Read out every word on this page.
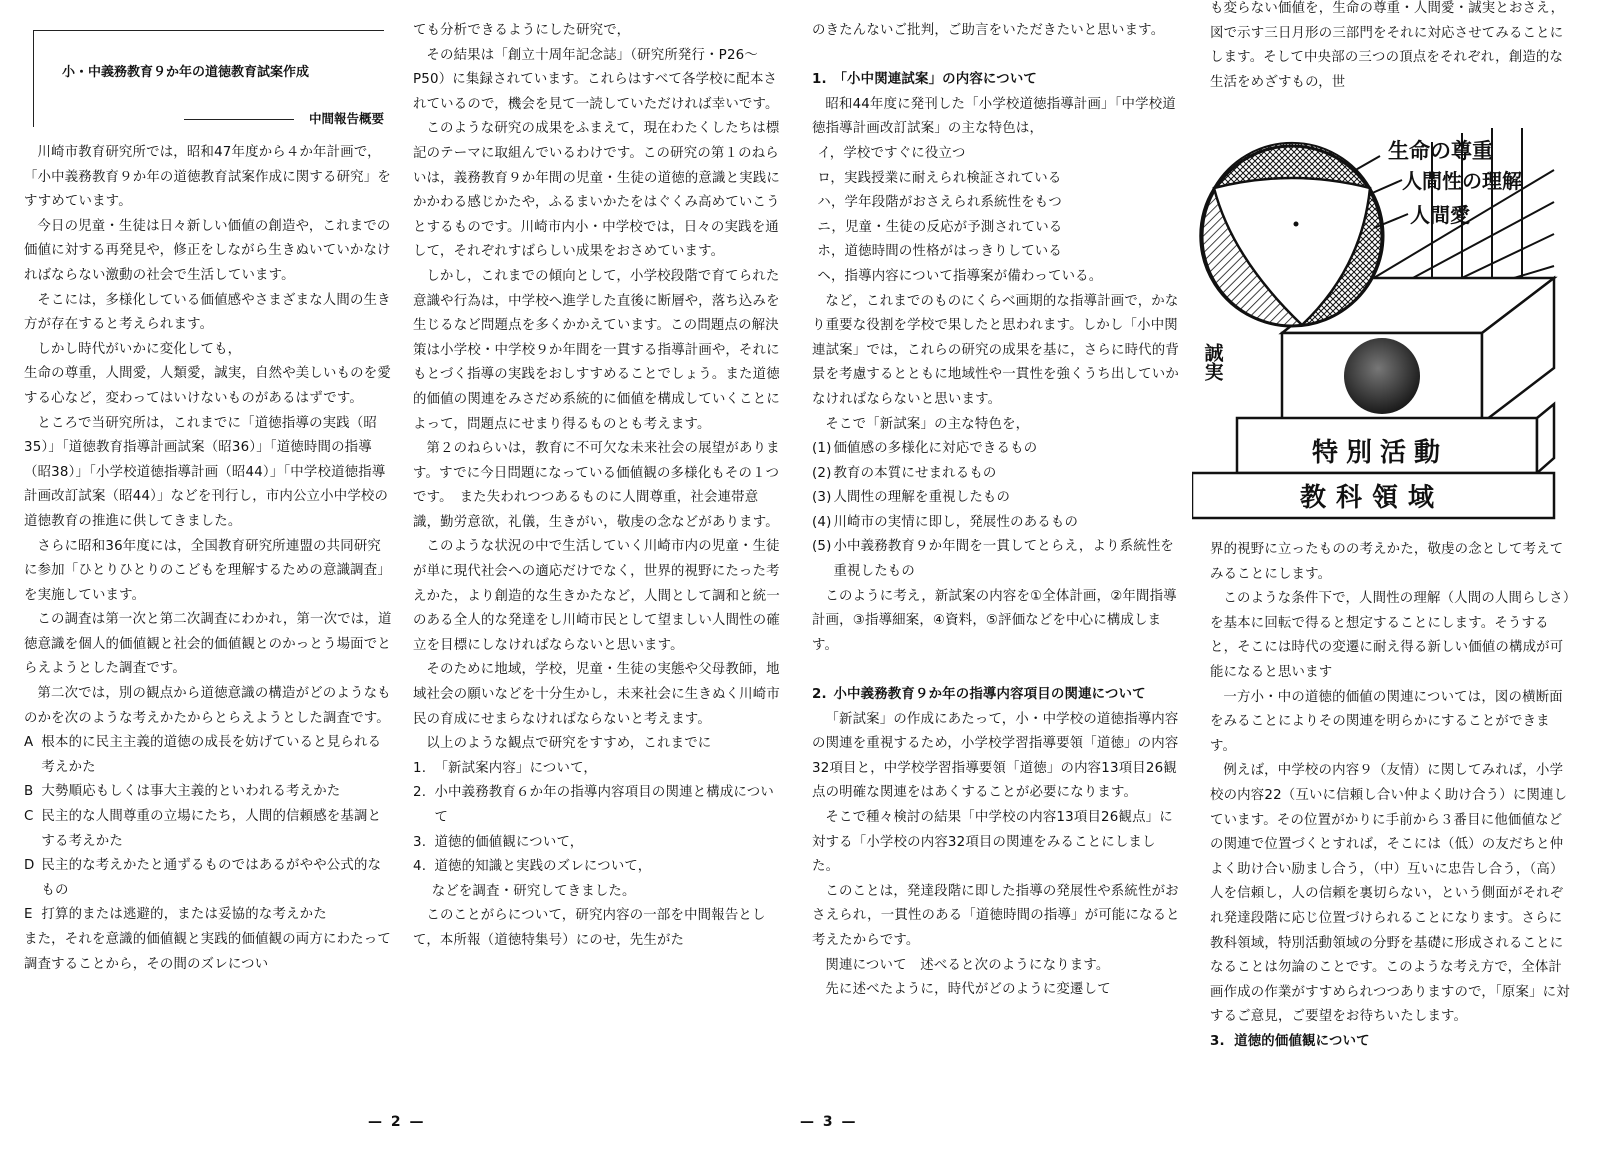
小・中義務教育９か年の道徳教育試案作成
中間報告概要

川崎市教育研究所では，昭和47年度から４か年計画で，「小中義務教育９か年の道徳教育試案作成に関する研究」をすすめています。

今日の児童・生徒は日々新しい価値の創造や，これまでの価値に対する再発見や，修正をしながら生きぬいていかなければならない激動の社会で生活しています。

そこには，多様化している価値感やさまざまな人間の生き方が存在すると考えられます。

しかし時代がいかに変化しても，

生命の尊重，人間愛，人類愛，誠実，自然や美しいものを愛する心など，変わってはいけないものがあるはずです。

ところで当研究所は，これまでに「道徳指導の実践（昭35）」「道徳教育指導計画試案（昭36）」「道徳時間の指導（昭38）」「小学校道徳指導計画（昭44）」「中学校道徳指導計画改訂試案（昭44）」などを刊行し，市内公立小中学校の道徳教育の推進に供してきました。

さらに昭和36年度には，全国教育研究所連盟の共同研究に参加「ひとりひとりのこどもを理解するための意識調査」を実施しています。

この調査は第一次と第二次調査にわかれ，第一次では，道徳意識を個人的価値観と社会的価値観とのかっとう場面でとらえようとした調査です。

第二次では，別の観点から道徳意識の構造がどのようなものかを次のような考えかたからとらえようとした調査です。

A 根本的に民主主義的道徳の成長を妨げていると見られる考えかた
B 大勢順応もしくは事大主義的といわれる考えかた
C 民主的な人間尊重の立場にたち，人間的信頼感を基調とする考えかた
D 民主的な考えかたと通ずるものではあるがやや公式的なもの
E 打算的または逃避的，または妥協的な考えかた

また，それを意識的価値観と実践的価値観の両方にわたって調査することから，その間のズレについ

ても分析できるようにした研究で，

その結果は「創立十周年記念誌」（研究所発行・P26～P50）に集録されています。これらはすべて各学校に配本されているので，機会を見て一読していただければ幸いです。

このような研究の成果をふまえて，現在わたくしたちは標記のテーマに取組んでいるわけです。この研究の第１のねらいは，義務教育９か年間の児童・生徒の道徳的意識と実践にかかわる感じかたや，ふるまいかたをはぐくみ高めていこうとするものです。川崎市内小・中学校では，日々の実践を通して，それぞれすばらしい成果をおさめています。

しかし，これまでの傾向として，小学校段階で育てられた意識や行為は，中学校へ進学した直後に断層や，落ち込みを生じるなど問題点を多くかかえています。この問題点の解決策は小学校・中学校９か年間を一貫する指導計画や，それにもとづく指導の実践をおしすすめることでしょう。また道徳的価値の関連をみさだめ系統的に価値を構成していくことによって，問題点にせまり得るものとも考えます。

第２のねらいは，教育に不可欠な未来社会の展望があります。すでに今日問題になっている価値観の多様化もその１つです。　また失われつつあるものに人間尊重，社会連帯意識，勤労意欲，礼儀，生きがい，敬虔の念などがあります。

このような状況の中で生活していく川崎市内の児童・生徒が単に現代社会への適応だけでなく，世界的視野にたった考えかた，より創造的な生きかたなど，人間として調和と統一のある全人的な発達をし川崎市民として望ましい人間性の確立を目標にしなければならないと思います。

そのために地域，学校，児童・生徒の実態や父母教師，地域社会の願いなどを十分生かし，未来社会に生きぬく川崎市民の育成にせまらなければならないと考えます。

以上のような観点で研究をすすめ，これまでに

1. 「新試案内容」について，
2. 小中義務教育６か年の指導内容項目の関連と構成について
3. 道徳的価値観について，
4. 道徳的知識と実践のズレについて，

などを調査・研究してきました。

このことがらについて，研究内容の一部を中間報告として，本所報（道徳特集号）にのせ，先生がた

— 2 —

のきたんないご批判，ご助言をいただきたいと思います。

1. 「小中関連試案」の内容について

昭和44年度に発刊した「小学校道徳指導計画」「中学校道徳指導計画改訂試案」の主な特色は，

イ，学校ですぐに役立つ
ロ，実践授業に耐えられ検証されている
ハ，学年段階がおさえられ系統性をもつ
ニ，児童・生徒の反応が予測されている
ホ，道徳時間の性格がはっきりしている
ヘ，指導内容について指導案が備わっている。

など，これまでのものにくらべ画期的な指導計画で，かなり重要な役割を学校で果したと思われます。しかし「小中関連試案」では，これらの研究の成果を基に，さらに時代的背景を考慮するとともに地域性や一貫性を強くうち出していかなければならないと思います。

そこで「新試案」の主な特色を，

(1) 価値感の多様化に対応できるもの
(2) 教育の本質にせまれるもの
(3) 人間性の理解を重視したもの
(4) 川崎市の実情に即し，発展性のあるもの
(5) 小中義務教育９か年間を一貫してとらえ，より系統性を重視したもの

このように考え，新試案の内容を①全体計画，②年間指導計画，③指導細案，④資料，⑤評価などを中心に構成します。

2. 小中義務教育９か年の指導内容項目の関連について

「新試案」の作成にあたって，小・中学校の道徳指導内容の関連を重視するため，小学校学習指導要領「道徳」の内容32項目と，中学校学習指導要領「道徳」の内容13項目26観点の明確な関連をはあくすることが必要になります。

そこで種々検討の結果「中学校の内容13項目26観点」に対する「小学校の内容32項目の関連をみることにしました。

このことは，発達段階に即した指導の発展性や系統性がおさえられ，一貫性のある「道徳時間の指導」が可能になると考えたからです。

関連について　述べると次のようになります。

先に述べたように，時代がどのように変遷して

も変らない価値を，生命の尊重・人間愛・誠実とおさえ，図で示す三日月形の三部門をそれに対応させてみることにします。そして中央部の三つの頂点をそれぞれ，創造的な生活をめざすもの，世

界的視野に立ったものの考えかた，敬虔の念として考えてみることにします。

このような条件下で，人間性の理解（人間の人間らしさ）を基本に回転で得ると想定することにします。そうすると，そこには時代の変遷に耐え得る新しい価値の構成が可能になると思います

一方小・中の道徳的価値の関連については，図の横断面をみることによりその関連を明らかにすることができます。

例えば，中学校の内容９（友情）に関してみれば，小学校の内容22（互いに信頼し合い仲よく助け合う）に関連しています。その位置がかりに手前から３番目に他価値などの関連で位置づくとすれば，そこには（低）の友だちと仲よく助け合い励まし合う，（中）互いに忠告し合う，（高）人を信頼し，人の信頼を裏切らない，という側面がそれぞれ発達段階に応じ位置づけられることになります。さらに教科領域，特別活動領域の分野を基礎に形成されることになることは勿論のことです。このような考え方で，全体計画作成の作業がすすめられつつありますので，「原案」に対するご意見，ご要望をお待ちいたします。

3. 道徳的価値観について
— 3 —
生命の尊重
人間性の理解
人間愛
誠実
特別活動
教科領域
